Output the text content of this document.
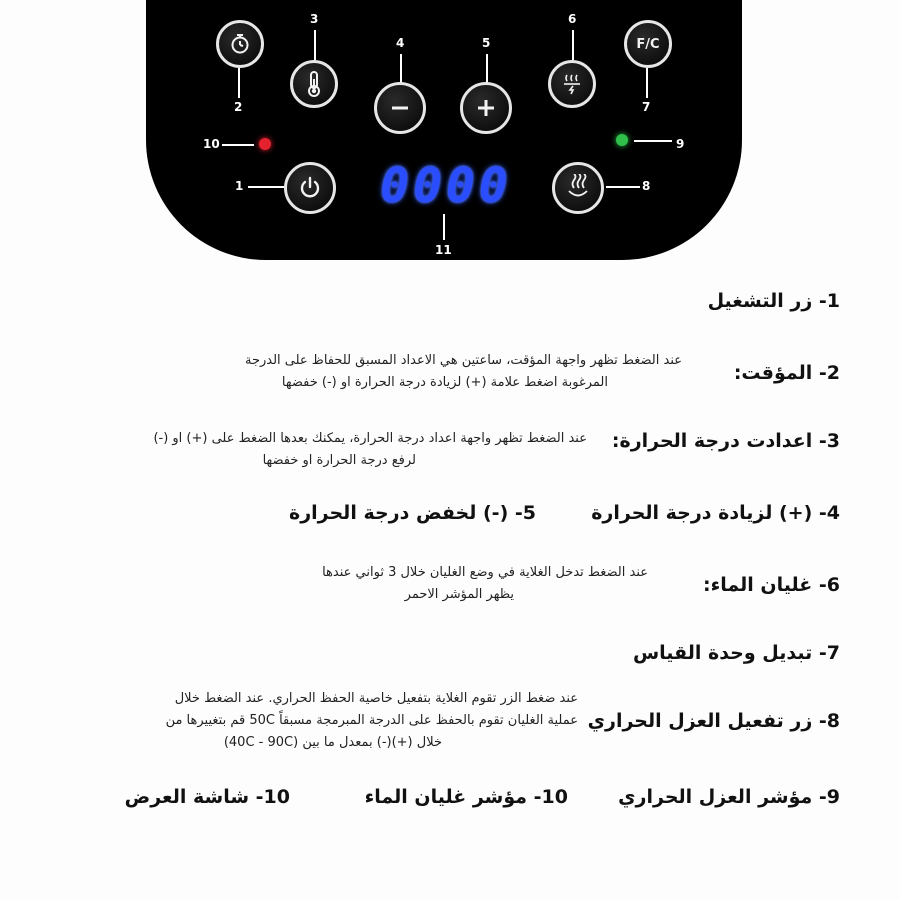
2
3
4	5
6
F/C
7
10	9
1	0000
11
8
1- زر التشغيل
2- المؤقت:
عند الضغط تظهر واجهة المؤقت، ساعتين هي الاعداد المسبق للحفاظ على الدرجة
المرغوبة اضغط علامة (+) لزيادة درجة الحرارة او (-) خفضها
3- اعدادت درجة الحرارة:
عند الضغط تظهر واجهة اعداد درجة الحرارة، يمكنك بعدها الضغط على (+) او (-)
لرفع درجة الحرارة او خفضها
4- (+) لزيادة درجة الحرارة
5- (-) لخفض درجة الحرارة
6- غليان الماء:
عند الضغط تدخل الغلاية في وضع الغليان خلال 3 ثواني عندها
يظهر المؤشر الاحمر
7- تبديل وحدة القياس
8- زر تفعيل العزل الحراري
عند ضغط الزر تقوم الغلاية بتفعيل خاصية الحفظ الحراري. عند الضغط خلال
عملية الغليان تقوم بالحفظ على الدرجة المبرمجة مسبقاً 50C قم بتغييرها من
خلال (+)(-) بمعدل ما بين (40C - 90C)
9- مؤشر العزل الحراري
10- مؤشر غليان الماء
10- شاشة العرض
